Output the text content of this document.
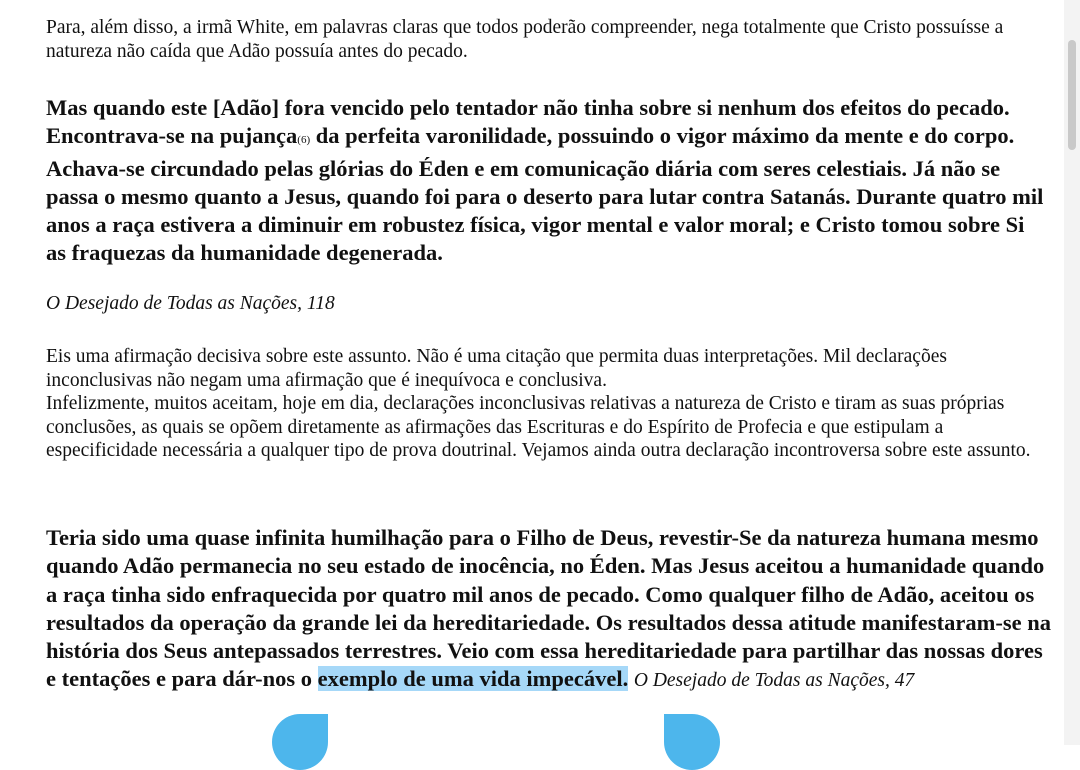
Para, além disso, a irmã White, em palavras claras que todos poderão compreender, nega totalmente que Cristo possuísse a natureza não caída que Adão possuía antes do pecado.

Mas quando este [Adão] fora vencido pelo tentador não tinha sobre si nenhum dos efeitos do pecado. Encontrava-se na pujança(6) da perfeita varonilidade, possuindo o vigor máximo da mente e do corpo. Achava-se circundado pelas glórias do Éden e em comunicação diária com seres celestiais. Já não se passa o mesmo quanto a Jesus, quando foi para o deserto para lutar contra Satanás. Durante quatro mil anos a raça estivera a diminuir em robustez física, vigor mental e valor moral; e Cristo tomou sobre Si as fraquezas da humanidade degenerada.

O Desejado de Todas as Nações, 118

Eis uma afirmação decisiva sobre este assunto. Não é uma citação que permita duas interpretações. Mil declarações inconclusivas não negam uma afirmação que é inequívoca e conclusiva.
Infelizmente, muitos aceitam, hoje em dia, declarações inconclusivas relativas a natureza de Cristo e tiram as suas próprias conclusões, as quais se opõem diretamente as afirmações das Escrituras e do Espírito de Profecia e que estipulam a especificidade necessária a qualquer tipo de prova doutrinal. Vejamos ainda outra declaração incontroversa sobre este assunto.

Teria sido uma quase infinita humilhação para o Filho de Deus, revestir-Se da natureza humana mesmo quando Adão permanecia no seu estado de inocência, no Éden. Mas Jesus aceitou a humanidade quando a raça tinha sido enfraquecida por quatro mil anos de pecado. Como qualquer filho de Adão, aceitou os resultados da operação da grande lei da hereditariedade. Os resultados dessa atitude manifestaram-se na história dos Seus antepassados terrestres. Veio com essa hereditariedade para partilhar das nossas dores e tentações e para dár-nos o exemplo de uma vida impecável. O Desejado de Todas as Nações, 47
